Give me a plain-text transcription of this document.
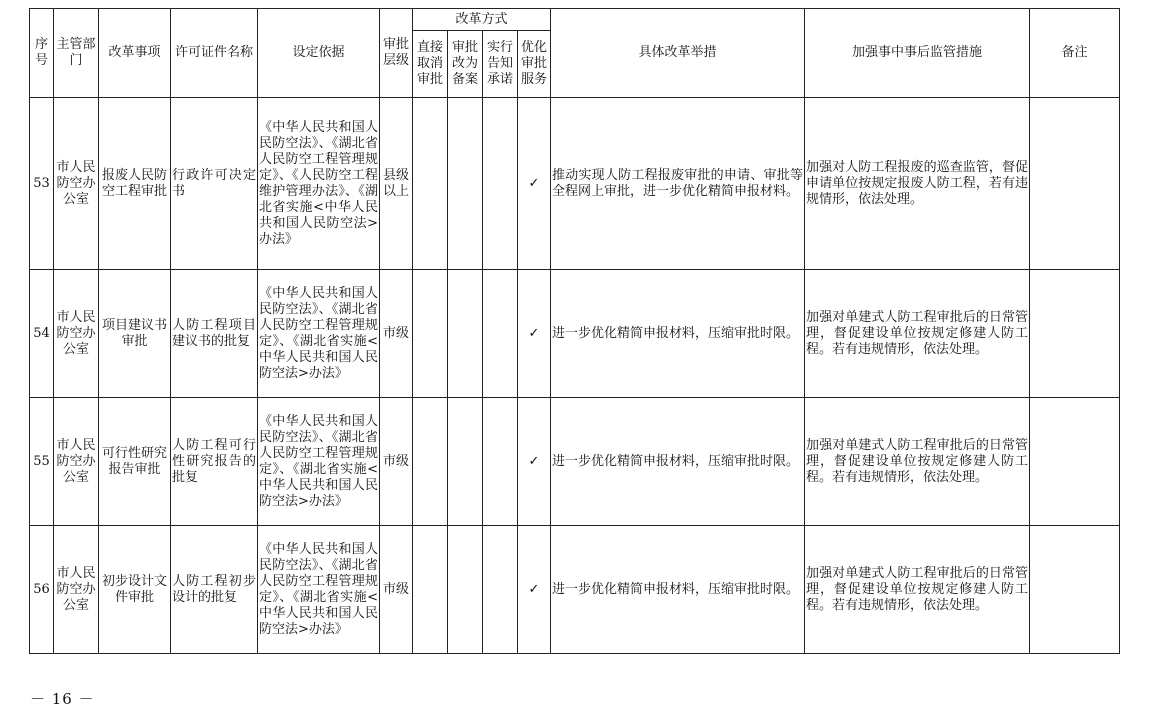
序号	主管部门	改革事项	许可证件名称	设定依据	审批层级	改革方式				具体改革举措	加强事中事后监管措施	备注
						直接取消审批	审批改为备案	实行告知承诺	优化审批服务			
53	市人民防空办公室	报废人民防空工程审批	行政许可决定书	《中华人民共和国人民防空法》、《湖北省人民防空工程管理规定》、《人民防空工程维护管理办法》、《湖北省实施<中华人民共和国人民防空法>办法》	县级以上				✓	推动实现人防工程报废审批的申请、审批等全程网上审批，进一步优化精简申报材料。	加强对人防工程报废的巡查监管，督促申请单位按规定报废人防工程，若有违规情形，依法处理。	
54	市人民防空办公室	项目建议书审批	人防工程项目建议书的批复	《中华人民共和国人民防空法》、《湖北省人民防空工程管理规定》、《湖北省实施<中华人民共和国人民防空法>办法》	市级				✓	进一步优化精简申报材料，压缩审批时限。	加强对单建式人防工程审批后的日常管理，督促建设单位按规定修建人防工程。若有违规情形，依法处理。	
55	市人民防空办公室	可行性研究报告审批	人防工程可行性研究报告的批复	《中华人民共和国人民防空法》、《湖北省人民防空工程管理规定》、《湖北省实施<中华人民共和国人民防空法>办法》	市级				✓	进一步优化精简申报材料，压缩审批时限。	加强对单建式人防工程审批后的日常管理，督促建设单位按规定修建人防工程。若有违规情形，依法处理。	
56	市人民防空办公室	初步设计文件审批	人防工程初步设计的批复	《中华人民共和国人民防空法》、《湖北省人民防空工程管理规定》、《湖北省实施<中华人民共和国人民防空法>办法》	市级				✓	进一步优化精简申报材料，压缩审批时限。	加强对单建式人防工程审批后的日常管理，督促建设单位按规定修建人防工程。若有违规情形，依法处理。	
－ 16 －
